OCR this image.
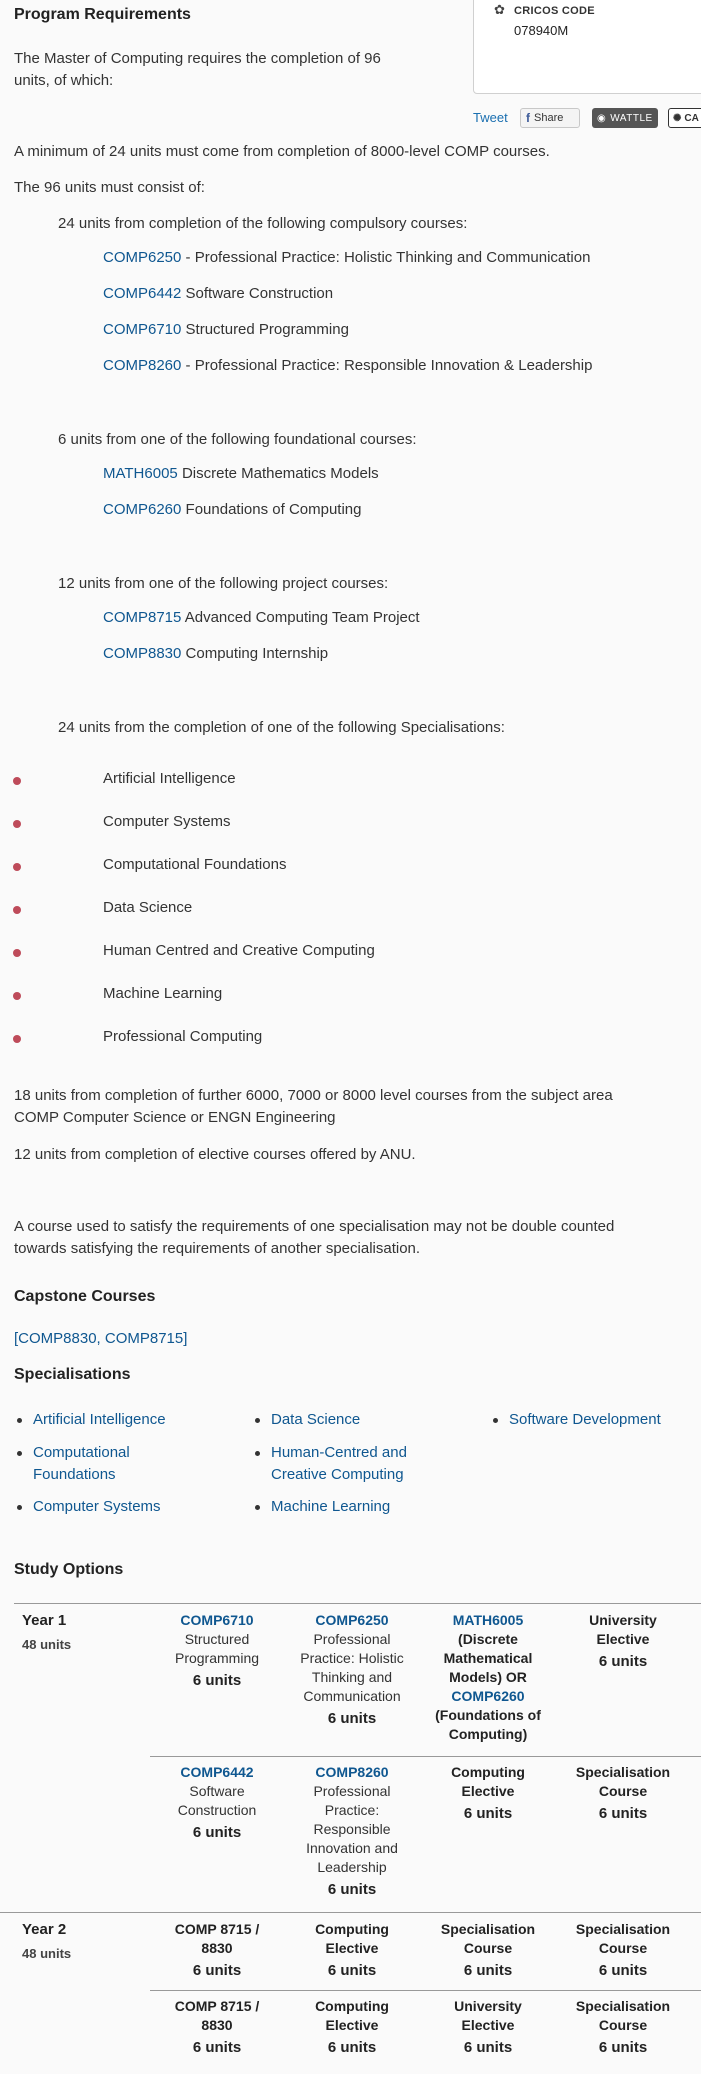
✿ CRICOS CODE
078940M
Program Requirements

The Master of Computing requires the completion of 96

units, of which:

Tweet f Share	◉ WATTLE ✺ CA

A minimum of 24 units must come from completion of 8000-level COMP courses.

The 96 units must consist of:

24 units from completion of the following compulsory courses:

COMP6250 - Professional Practice: Holistic Thinking and Communication
COMP6442 Software Construction
COMP6710 Structured Programming
COMP8260 - Professional Practice: Responsible Innovation & Leadership

6 units from one of the following foundational courses:

MATH6005 Discrete Mathematics Models
COMP6260 Foundations of Computing

12 units from one of the following project courses:

COMP8715 Advanced Computing Team Project
COMP8830 Computing Internship

24 units from the completion of one of the following Specialisations:

Artificial Intelligence
Computer Systems
Computational Foundations
Data Science
Human Centred and Creative Computing
Machine Learning
Professional Computing

18 units from completion of further 6000, 7000 or 8000 level courses from the subject area

COMP Computer Science or ENGN Engineering

12 units from completion of elective courses offered by ANU.

A course used to satisfy the requirements of one specialisation may not be double counted

towards satisfying the requirements of another specialisation.

Capstone Courses
[COMP8830, COMP8715]
Specialisations
Artificial Intelligence
Computational
Foundations
Computer Systems
Data Science
Human-Centred and
Creative Computing
Machine Learning
Software Development
Study Options
Year 1
48 units
Year 2
48 units
COMP6710
Structured
Programming
6 units
COMP6250
Professional
Practice: Holistic
Thinking and
Communication
6 units
MATH6005
(Discrete
Mathematical
Models) OR
COMP6260
(Foundations of
Computing)
University
Elective
6 units
COMP6442
Software
Construction
6 units
COMP8260
Professional
Practice:
Responsible
Innovation and
Leadership
6 units
Computing
Elective
6 units
Specialisation
Course
6 units
COMP 8715 /
8830
6 units
Computing
Elective
6 units
Specialisation
Course
6 units
Specialisation
Course
6 units
COMP 8715 /
8830
6 units
Computing
Elective
6 units
University
Elective
6 units
Specialisation
Course
6 units
